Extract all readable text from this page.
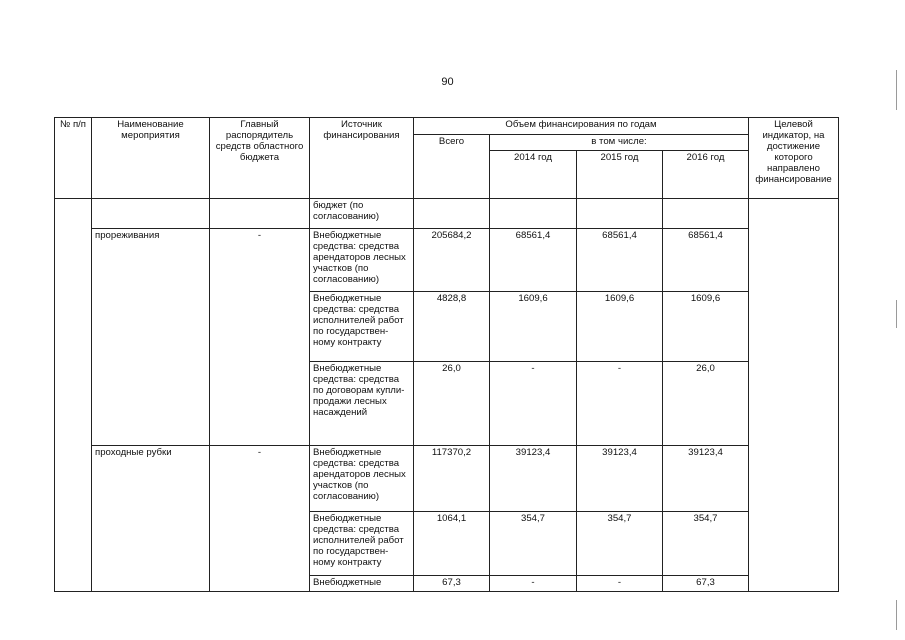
90
№ п/п	Наименование мероприятия	Главный распорядитель средств областного бюджета	Источник финансирования	Объем финансирования по годам				Целевой индикатор, на достижение которого направлено финансирование
				Всего	в том числе:			
					2014 год	2015 год	2016 год	
			бюджет (по согласованию)					
	прореживания	-	Внебюджетные средства: средства арендаторов лесных участков (по согласованию)	205684,2	68561,4	68561,4	68561,4	
			Внебюджетные средства: средства исполнителей работ по государствен-ному контракту	4828,8	1609,6	1609,6	1609,6	
			Внебюджетные средства: средства по договорам купли-продажи лесных насаждений	26,0	-	-	26,0	
	проходные рубки	-	Внебюджетные средства: средства арендаторов лесных участков (по согласованию)	117370,2	39123,4	39123,4	39123,4	
			Внебюджетные средства: средства исполнителей работ по государствен-ному контракту	1064,1	354,7	354,7	354,7	
			Внебюджетные	67,3	-	-	67,3	
